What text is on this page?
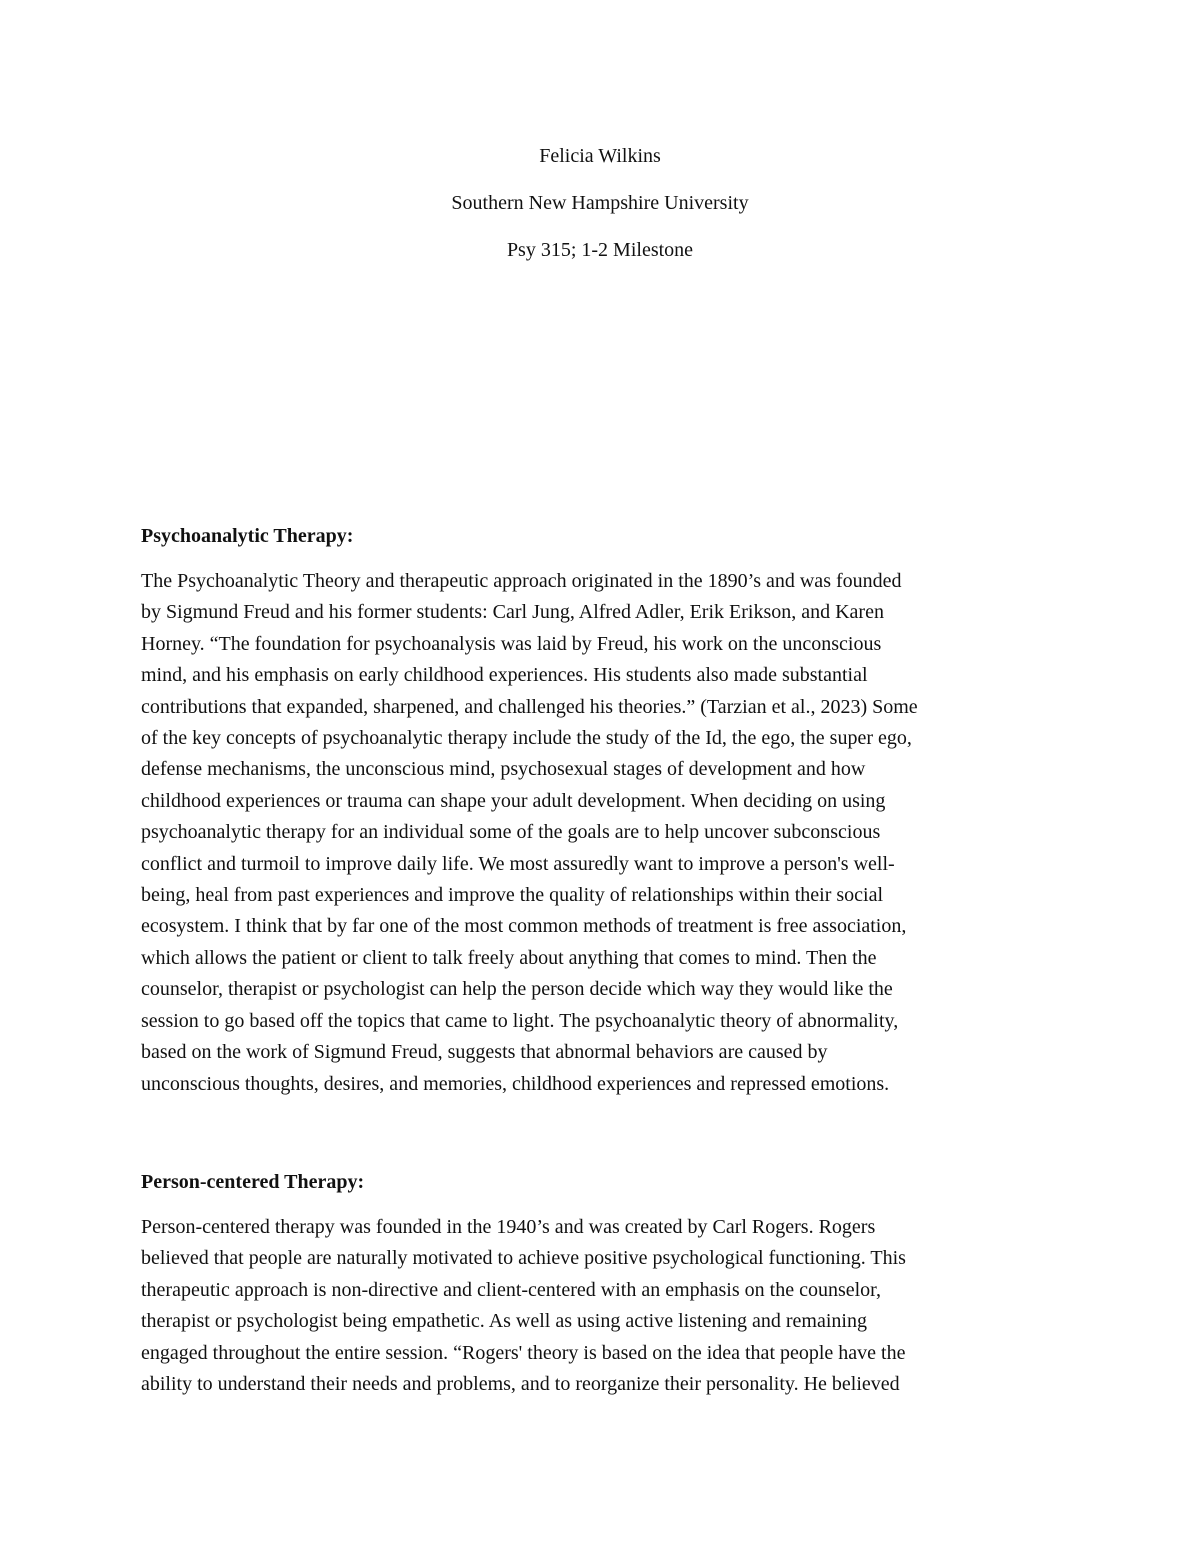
Felicia Wilkins
Southern New Hampshire University
Psy 315; 1-2 Milestone
Psychoanalytic Therapy:
The Psychoanalytic Theory and therapeutic approach originated in the 1890’s and was founded
by Sigmund Freud and his former students: Carl Jung, Alfred Adler, Erik Erikson, and Karen
Horney. “The foundation for psychoanalysis was laid by Freud, his work on the unconscious
mind, and his emphasis on early childhood experiences. His students also made substantial
contributions that expanded, sharpened, and challenged his theories.” (Tarzian et al., 2023) Some
of the key concepts of psychoanalytic therapy include the study of the Id, the ego, the super ego,
defense mechanisms, the unconscious mind, psychosexual stages of development and how
childhood experiences or trauma can shape your adult development. When deciding on using
psychoanalytic therapy for an individual some of the goals are to help uncover subconscious
conflict and turmoil to improve daily life. We most assuredly want to improve a person's well-
being, heal from past experiences and improve the quality of relationships within their social
ecosystem. I think that by far one of the most common methods of treatment is free association,
which allows the patient or client to talk freely about anything that comes to mind. Then the
counselor, therapist or psychologist can help the person decide which way they would like the
session to go based off the topics that came to light. The psychoanalytic theory of abnormality,
based on the work of Sigmund Freud, suggests that abnormal behaviors are caused by
unconscious thoughts, desires, and memories, childhood experiences and repressed emotions.
Person-centered Therapy:
Person-centered therapy was founded in the 1940’s and was created by Carl Rogers. Rogers
believed that people are naturally motivated to achieve positive psychological functioning. This
therapeutic approach is non-directive and client-centered with an emphasis on the counselor,
therapist or psychologist being empathetic. As well as using active listening and remaining
engaged throughout the entire session. “Rogers' theory is based on the idea that people have the
ability to understand their needs and problems, and to reorganize their personality. He believed
